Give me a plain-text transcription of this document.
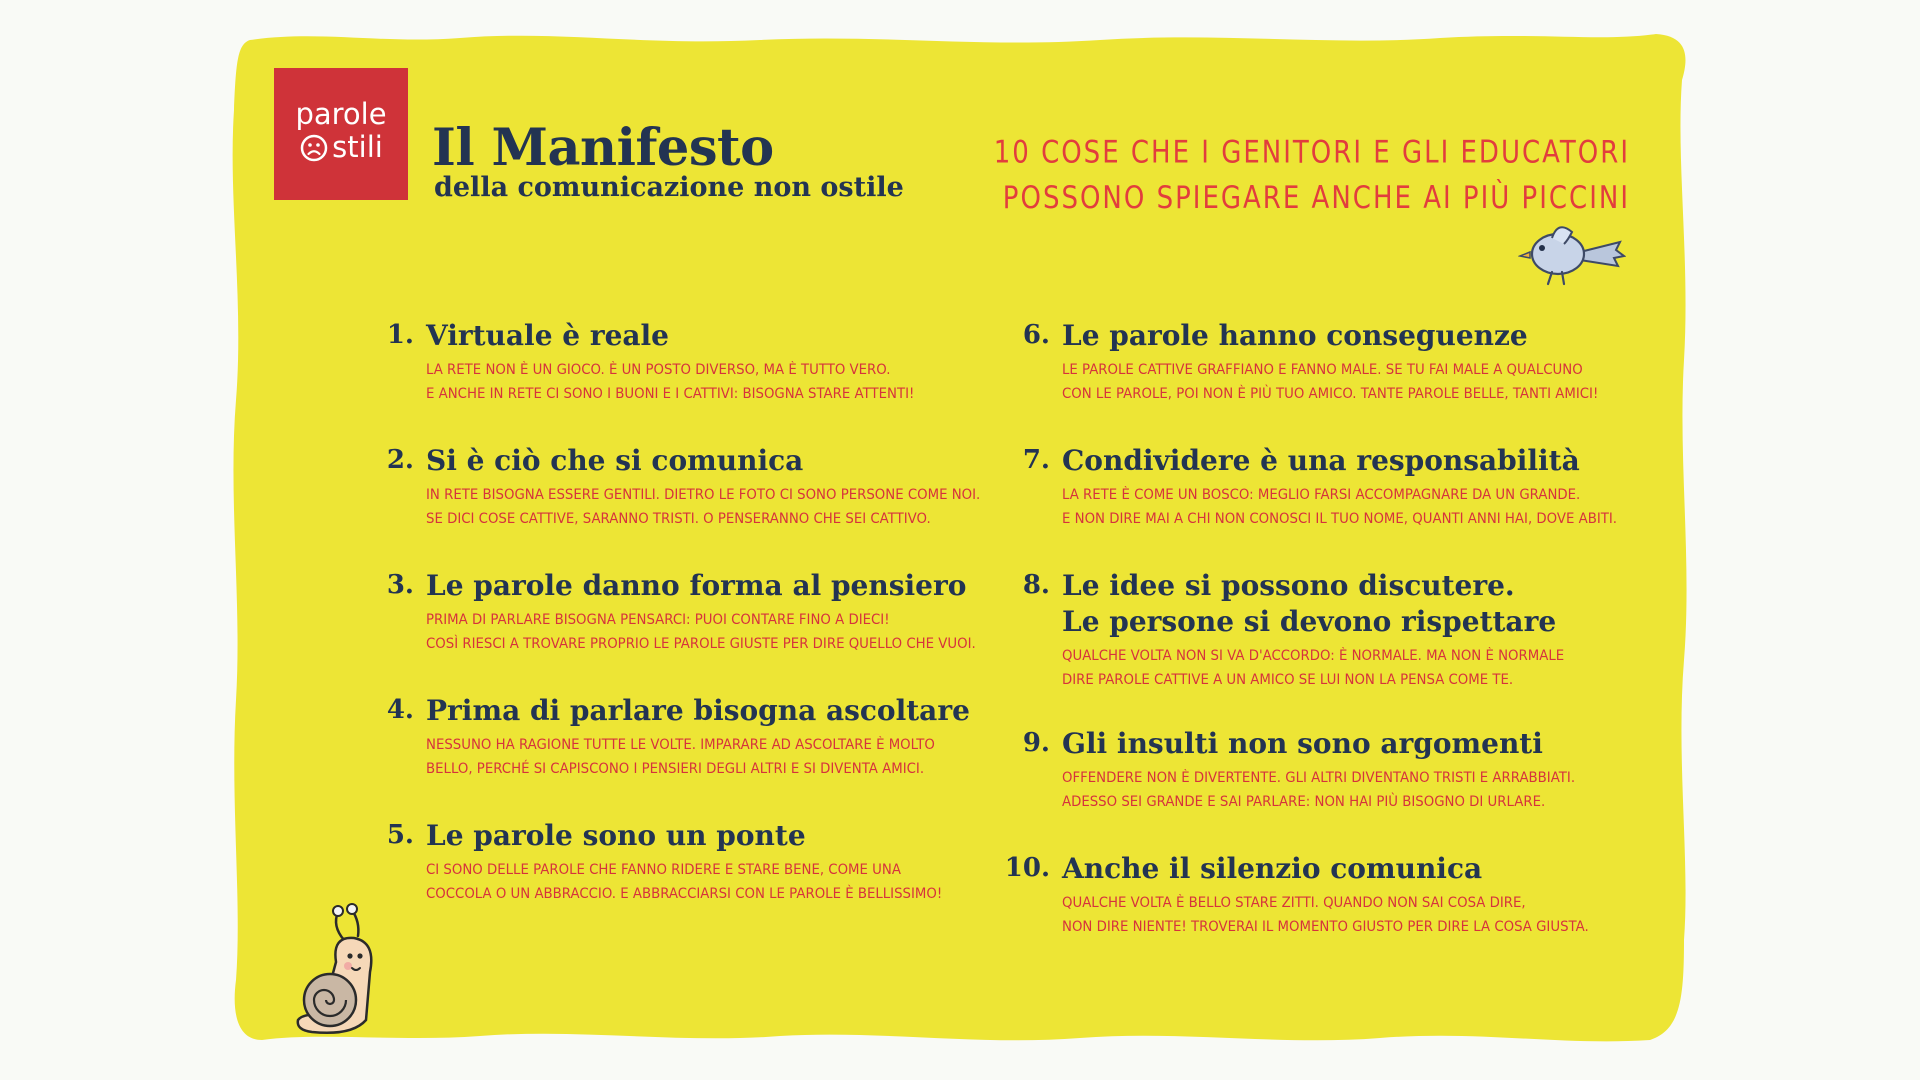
parole
stili Il Manifesto
della comunicazione non ostile
10 COSE CHE I GENITORI E GLI EDUCATORI
POSSONO SPIEGARE ANCHE AI PIÙ PICCINI
1. Virtuale è reale
LA RETE NON È UN GIOCO. È UN POSTO DIVERSO, MA È TUTTO VERO.
E ANCHE IN RETE CI SONO I BUONI E I CATTIVI: BISOGNA STARE ATTENTI!
2. Si è ciò che si comunica
IN RETE BISOGNA ESSERE GENTILI. DIETRO LE FOTO CI SONO PERSONE COME NOI.
SE DICI COSE CATTIVE, SARANNO TRISTI. O PENSERANNO CHE SEI CATTIVO.
3. Le parole danno forma al pensiero
PRIMA DI PARLARE BISOGNA PENSARCI: PUOI CONTARE FINO A DIECI!
COSÌ RIESCI A TROVARE PROPRIO LE PAROLE GIUSTE PER DIRE QUELLO CHE VUOI.
4. Prima di parlare bisogna ascoltare
NESSUNO HA RAGIONE TUTTE LE VOLTE. IMPARARE AD ASCOLTARE È MOLTO
BELLO, PERCHÉ SI CAPISCONO I PENSIERI DEGLI ALTRI E SI DIVENTA AMICI.
5. Le parole sono un ponte
CI SONO DELLE PAROLE CHE FANNO RIDERE E STARE BENE, COME UNA
COCCOLA O UN ABBRACCIO. E ABBRACCIARSI CON LE PAROLE È BELLISSIMO!
6. Le parole hanno conseguenze
LE PAROLE CATTIVE GRAFFIANO E FANNO MALE. SE TU FAI MALE A QUALCUNO
CON LE PAROLE, POI NON È PIÙ TUO AMICO. TANTE PAROLE BELLE, TANTI AMICI!
7. Condividere è una responsabilità
LA RETE È COME UN BOSCO: MEGLIO FARSI ACCOMPAGNARE DA UN GRANDE.
E NON DIRE MAI A CHI NON CONOSCI IL TUO NOME, QUANTI ANNI HAI, DOVE ABITI.
8. Le idee si possono discutere.
Le persone si devono rispettare
QUALCHE VOLTA NON SI VA D'ACCORDO: È NORMALE. MA NON È NORMALE
DIRE PAROLE CATTIVE A UN AMICO SE LUI NON LA PENSA COME TE.
9. Gli insulti non sono argomenti
OFFENDERE NON È DIVERTENTE. GLI ALTRI DIVENTANO TRISTI E ARRABBIATI.
ADESSO SEI GRANDE E SAI PARLARE: NON HAI PIÙ BISOGNO DI URLARE.
10. Anche il silenzio comunica
QUALCHE VOLTA È BELLO STARE ZITTI. QUANDO NON SAI COSA DIRE,
NON DIRE NIENTE! TROVERAI IL MOMENTO GIUSTO PER DIRE LA COSA GIUSTA.
